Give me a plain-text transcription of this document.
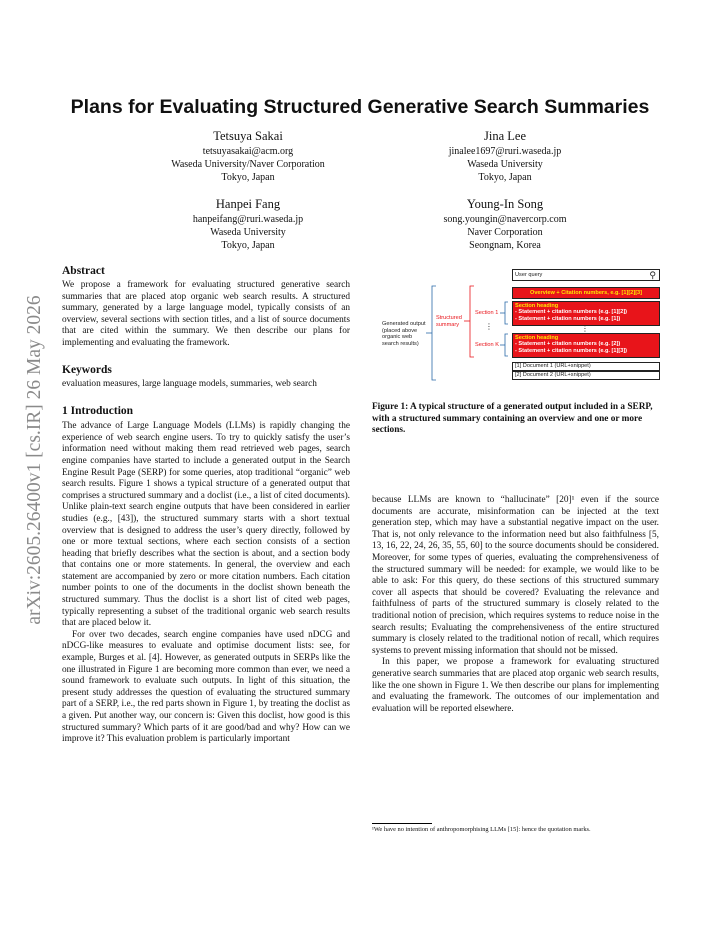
arXiv:2605.26400v1 [cs.IR] 26 May 2026
Plans for Evaluating Structured Generative Search Summaries
Tetsuya Sakai
tetsuyasakai@acm.org
Waseda University/Naver Corporation
Tokyo, Japan
Jina Lee
jinalee1697@ruri.waseda.jp
Waseda University
Tokyo, Japan
Hanpei Fang
hanpeifang@ruri.waseda.jp
Waseda University
Tokyo, Japan
Young-In Song
song.youngin@navercorp.com
Naver Corporation
Seongnam, Korea
Abstract
We propose a framework for evaluating structured generative search summaries that are placed atop organic web search results. A structured summary, generated by a large language model, typically consists of an overview, several sections with section titles, and a list of source documents that are cited within the summary. We then describe our plans for implementing and evaluating the framework.
Keywords
evaluation measures, large language models, summaries, web search
1 Introduction

The advance of Large Language Models (LLMs) is rapidly changing the experience of web search engine users. To try to quickly satisfy the user’s information need without making them read retrieved web pages, search engine companies have started to include a generated output in the Search Engine Result Page (SERP) for some queries, atop traditional “organic” web search results. Figure 1 shows a typical structure of a generated output that comprises a structured summary and a doclist (i.e., a list of cited documents). Unlike plain-text search engine outputs that have been considered in earlier studies (e.g., [43]), the structured summary starts with a short textual overview that is designed to address the user’s query directly, followed by one or more textual sections, where each section consists of a section heading that briefly describes what the section is about, and a section body that contains one or more statements. In general, the overview and each statement are accompanied by zero or more citation numbers. Each citation number points to one of the documents in the doclist shown beneath the structured summary. Thus the doclist is a short list of cited web pages, typically representing a subset of the traditional organic web search results that are placed below it.

For over two decades, search engine companies have used nDCG and nDCG-like measures to evaluate and optimise document lists: see, for example, Burges et al. [4]. However, as generated outputs in SERPs like the one illustrated in Figure 1 are becoming more common than ever, we need a sound framework to evaluate such outputs. In light of this situation, the present study addresses the question of evaluating the structured summary part of a SERP, i.e., the red parts shown in Figure 1, by treating the doclist as a given. Put another way, our concern is: Given this doclist, how good is this structured summary? Which parts of it are good/bad and why? How can we improve it? This evaluation problem is particularly important

User query	⚲
Overview + Citation numbers, e.g. [1][2][3]
Section heading
- Statement + citation numbers (e.g. [1][2])
- Statement + citation numbers (e.g. [1])
⋮
Section heading
- Statement + citation numbers (e.g. [2])
- Statement + citation numbers (e.g. [1][3])
[1] Document 1 (URL+snippet)
[2] Document 2 (URL+snippet)
Generated output (placed above organic web search results)
Structured summary
Section 1
⋮
Section K
Figure 1: A typical structure of a generated output included in a SERP, with a structured summary containing an overview and one or more sections.

because LLMs are known to “hallucinate” [20]¹ even if the source documents are accurate, misinformation can be injected at the text generation step, which may have a substantial negative impact on the user. That is, not only relevance to the information need but also faithfulness [5, 13, 16, 22, 24, 26, 35, 55, 60] to the source documents should be considered. Moreover, for some types of queries, evaluating the comprehensiveness of the structured summary will be needed: for example, we would like to be able to ask: For this query, do these sections of this structured summary cover all aspects that should be covered? Evaluating the relevance and faithfulness of parts of the structured summary is closely related to the traditional notion of precision, which requires systems to reduce noise in the search results; Evaluating the comprehensiveness of the entire structured summary is closely related to the traditional notion of recall, which requires systems to prevent missing information that should not be missed.

In this paper, we propose a framework for evaluating structured generative search summaries that are placed atop organic web search results, like the one shown in Figure 1. We then describe our plans for implementing and evaluating the framework. The outcomes of our implementation and evaluation will be reported elsewhere.

¹We have no intention of anthropomorphising LLMs [15]: hence the quotation marks.
